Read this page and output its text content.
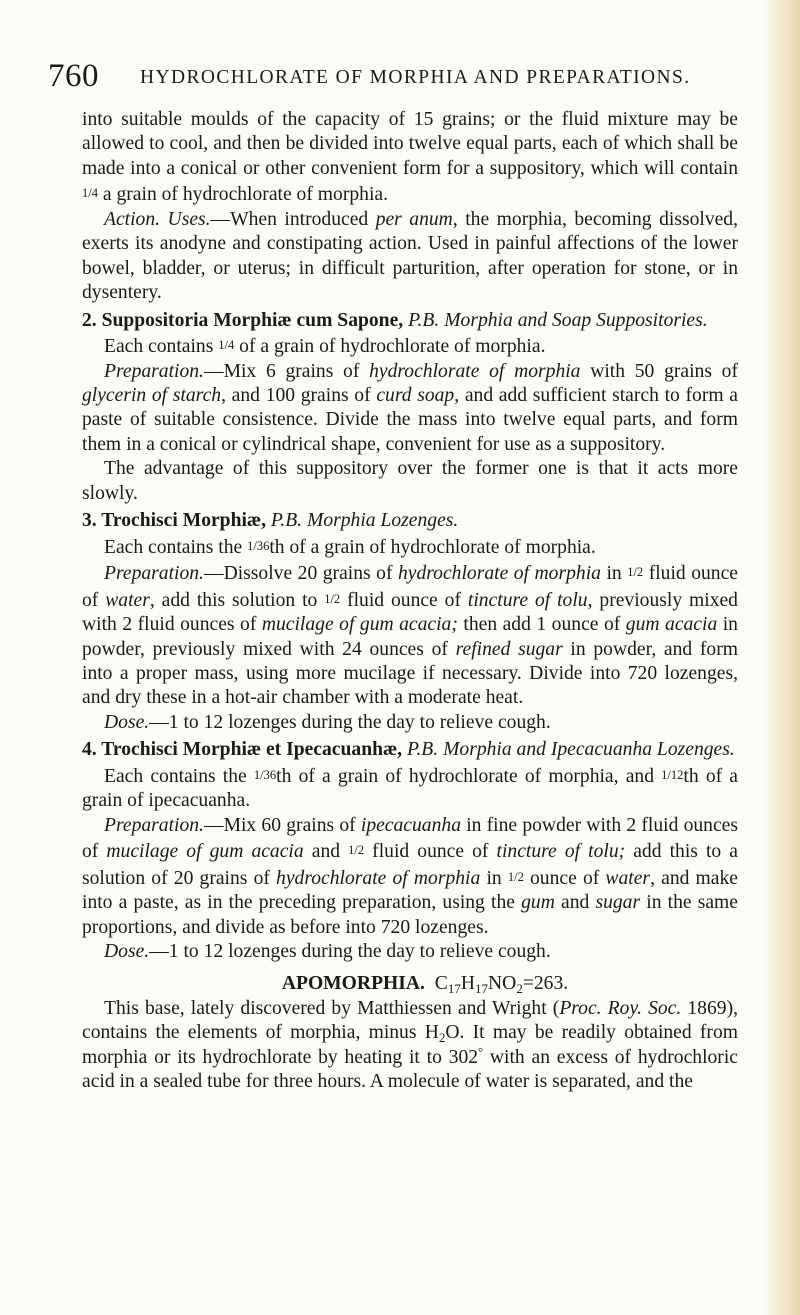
760 HYDROCHLORATE OF MORPHIA AND PREPARATIONS.

into suitable moulds of the capacity of 15 grains; or the fluid mixture may be allowed to cool, and then be divided into twelve equal parts, each of which shall be made into a conical or other convenient form for a suppository, which will contain 1/4 a grain of hydrochlorate of morphia.

Action. Uses.—When introduced per anum, the morphia, becoming dissolved, exerts its anodyne and constipating action. Used in painful affections of the lower bowel, bladder, or uterus; in difficult parturition, after operation for stone, or in dysentery.

2. Suppositoria Morphiæ cum Sapone, P.B. Morphia and Soap Suppositories.

Each contains 1/4 of a grain of hydrochlorate of morphia.

Preparation.—Mix 6 grains of hydrochlorate of morphia with 50 grains of glycerin of starch, and 100 grains of curd soap, and add sufficient starch to form a paste of suitable consistence. Divide the mass into twelve equal parts, and form them in a conical or cylindrical shape, convenient for use as a suppository.

The advantage of this suppository over the former one is that it acts more slowly.

3. Trochisci Morphiæ, P.B. Morphia Lozenges.

Each contains the 1/36th of a grain of hydrochlorate of morphia.

Preparation.—Dissolve 20 grains of hydrochlorate of morphia in 1/2 fluid ounce of water, add this solution to 1/2 fluid ounce of tincture of tolu, previously mixed with 2 fluid ounces of mucilage of gum acacia; then add 1 ounce of gum acacia in powder, previously mixed with 24 ounces of refined sugar in powder, and form into a proper mass, using more mucilage if necessary. Divide into 720 lozenges, and dry these in a hot-air chamber with a moderate heat.

Dose.—1 to 12 lozenges during the day to relieve cough.

4. Trochisci Morphiæ et Ipecacuanhæ, P.B. Morphia and Ipecacuanha Lozenges.

Each contains the 1/36th of a grain of hydrochlorate of morphia, and 1/12th of a grain of ipecacuanha.

Preparation.—Mix 60 grains of ipecacuanha in fine powder with 2 fluid ounces of mucilage of gum acacia and 1/2 fluid ounce of tincture of tolu; add this to a solution of 20 grains of hydrochlorate of morphia in 1/2 ounce of water, and make into a paste, as in the preceding preparation, using the gum and sugar in the same proportions, and divide as before into 720 lozenges.

Dose.—1 to 12 lozenges during the day to relieve cough.

APOMORPHIA. $C_{17}H_{17}NO_2=263$.

This base, lately discovered by Matthiessen and Wright (Proc. Roy. Soc. 1869), contains the elements of morphia, minus $H_2O$. It may be readily obtained from morphia or its hydrochlorate by heating it to 302° with an excess of hydrochloric acid in a sealed tube for three hours. A molecule of water is separated, and the
